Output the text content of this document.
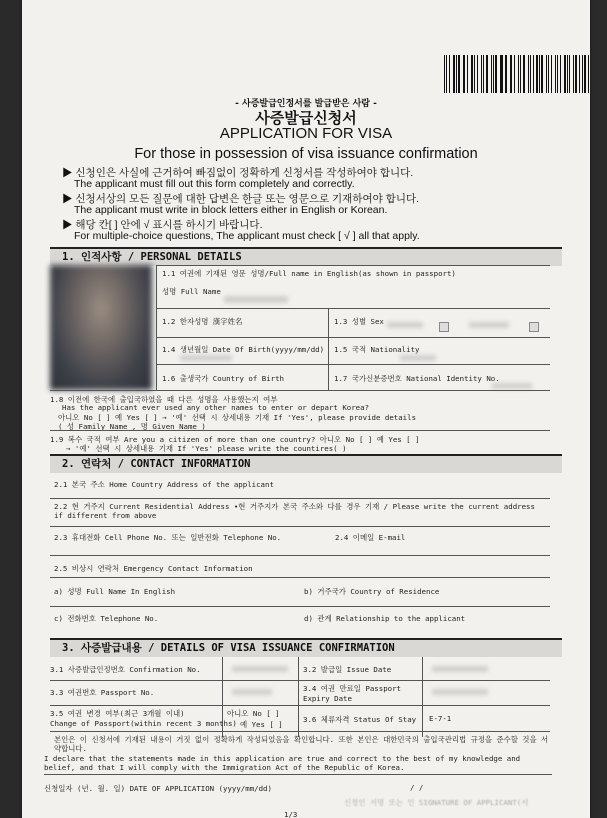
- 사증발급인정서를 발급받은 사람 -
사증발급신청서
APPLICATION FOR VISA
For those in possession of visa issuance confirmation
▶ 신청인은 사실에 근거하여 빠짐없이 정확하게 신청서를 작성하여야 합니다.
The applicant must fill out this form completely and correctly.
▶ 신청서상의 모든 질문에 대한 답변은 한글 또는 영문으로 기재하여야 합니다.
The applicant must write in block letters either in English or Korean.
▶ 해당 칸[ ] 안에 √ 표시를 하시기 바랍니다.
For multiple-choice questions, The applicant must check [ √ ] all that apply.
1. 인적사항 / PERSONAL DETAILS
1.1 여권에 기재된 영문 성명/Full name in English(as shown in passport)
성명 Full Name
1.2 한자성명 漢字姓名	1.3 성별 Sex
1.4 생년월일 Date Of Birth(yyyy/mm/dd) 1.5 국적 Nationality
1.6 출생국가 Country of Birth	1.7 국가신분증번호 National Identity No.
1.8 이전에 한국에 출입국하였을 때 다른 성명을 사용했는지 여부
Has the applicant ever used any other names to enter or depart Korea?
아니오 No [ ] 예 Yes [ ] → '예' 선택 시 상세내용 기재 If 'Yes', please provide details
( 성 Family Name , 명 Given Name )
1.9 복수 국적 여부 Are you a citizen of more than one country? 아니오 No [ ] 예 Yes [ ]
→ '예' 선택 시 상세내용 기재 If 'Yes' please write the countires( )
2. 연락처 / CONTACT INFORMATION
2.1 본국 주소 Home Country Address of the applicant
2.2 현 거주지 Current Residential Address •현 거주지가 본국 주소와 다를 경우 기재 / Please write the current address if different from above
2.3 휴대전화 Cell Phone No. 또는 일반전화 Telephone No.	2.4 이메일 E-mail
2.5 비상시 연락처 Emergency Contact Information
a) 성명 Full Name In English	b) 거주국가 Country of Residence
c) 전화번호 Telephone No.	d) 관계 Relationship to the applicant
3. 사증발급내용 / DETAILS OF VISA ISSUANCE CONFIRMATION
3.1 사증발급인정번호 Confirmation No.	3.2 발급일 Issue Date
3.3 여권번호 Passport No.	3.4 여권 만료일 Passport Expiry Date
3.5 여권 변경 여부(최근 3개월 이내)
Change of Passport(within recent 3 months)
아니오 No [ ]
예 Yes [ ]
3.6 체류자격 Status Of Stay E-7-1
본인은 이 신청서에 기재된 내용이 거짓 없이 정확하게 작성되었음을 확인합니다. 또한 본인은 대한민국의 출입국관리법 규정을 준수할 것을 서약합니다.
I declare that the statements made in this application are true and correct to the best of my knowledge and belief, and that I will comply with the Immigration Act of the Republic of Korea.
신청일자 (년. 월. 일) DATE OF APPLICATION (yyyy/mm/dd)	/ /
신청인 서명 또는 인 SIGNATURE OF APPLICANT(서
1/3
